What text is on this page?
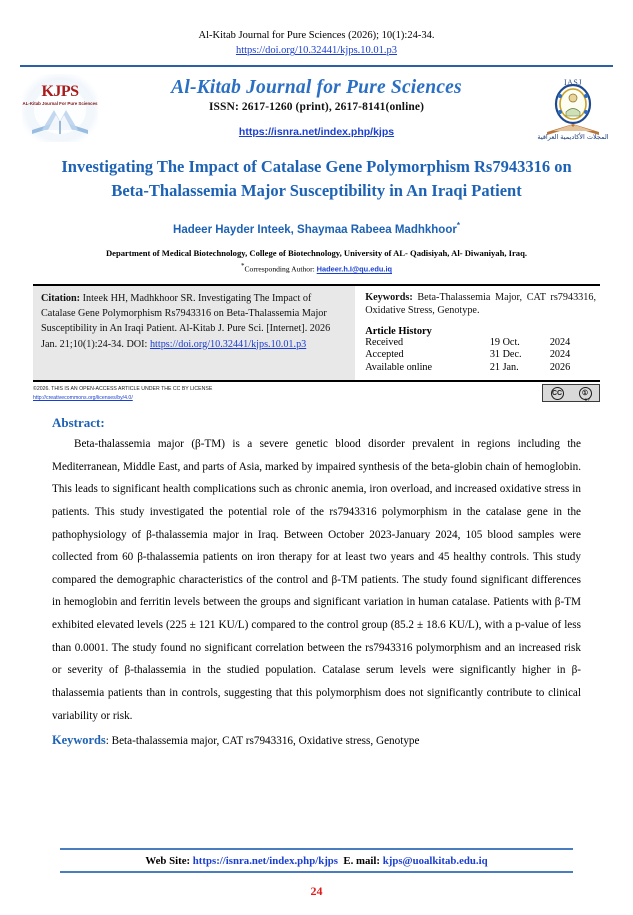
Al-Kitab Journal for Pure Sciences (2026); 10(1):24-34.
https://doi.org/10.32441/kjps.10.01.p3
KJPS
AL-Kitab Journal For Pure Sciences
Al-Kitab Journal for Pure Sciences
ISSN: 2617-1260 (print), 2617-8141(online)
https://isnra.net/index.php/kjps
IASJ
المجلات الأكاديمية العراقية
Investigating The Impact of Catalase Gene Polymorphism Rs7943316 on Beta-Thalassemia Major Susceptibility in An Iraqi Patient
Hadeer Hayder Inteek, Shaymaa Rabeea Madhkhoor*
Department of Medical Biotechnology, College of Biotechnology, University of AL- Qadisiyah, Al- Diwaniyah, Iraq.
*Corresponding Author: Hadeer.h.I@qu.edu.iq
Citation: Inteek HH, Madhkhoor SR. Investigating The Impact of Catalase Gene Polymorphism Rs7943316 on Beta-Thalassemia Major Susceptibility in An Iraqi Patient. Al-Kitab J. Pure Sci. [Internet]. 2026 Jan. 21;10(1):24-34. DOI: https://doi.org/10.32441/kjps.10.01.p3
Keywords: Beta-Thalassemia Major, CAT rs7943316, Oxidative Stress, Genotype.
Article History
Received	19 Oct.	2024
Accepted	31 Dec.	2024
Available online	21 Jan.	2026
©2026. THIS IS AN OPEN-ACCESS ARTICLE UNDER THE CC BY LICENSE
http://creativecommons.org/licenses/by/4.0/
CC	①
BY
Abstract:
Beta-thalassemia major (β-TM) is a severe genetic blood disorder prevalent in regions including the Mediterranean, Middle East, and parts of Asia, marked by impaired synthesis of the beta-globin chain of hemoglobin. This leads to significant health complications such as chronic anemia, iron overload, and increased oxidative stress in patients. This study investigated the potential role of the rs7943316 polymorphism in the catalase gene in the pathophysiology of β-thalassemia major in Iraq. Between October 2023-January 2024, 105 blood samples were collected from 60 β-thalassemia patients on iron therapy for at least two years and 45 healthy controls. This study compared the demographic characteristics of the control and β-TM patients. The study found significant differences in hemoglobin and ferritin levels between the groups and significant variation in human catalase. Patients with β-TM exhibited elevated levels (225 ± 121 KU/L) compared to the control group (85.2 ± 18.6 KU/L), with a p-value of less than 0.0001. The study found no significant correlation between the rs7943316 polymorphism and an increased risk or severity of β-thalassemia in the studied population. Catalase serum levels were significantly higher in β-thalassemia patients than in controls, suggesting that this polymorphism does not significantly contribute to clinical variability or risk.
Keywords: Beta-thalassemia major, CAT rs7943316, Oxidative stress, Genotype
Web Site: https://isnra.net/index.php/kjps E. mail: kjps@uoalkitab.edu.iq
24
